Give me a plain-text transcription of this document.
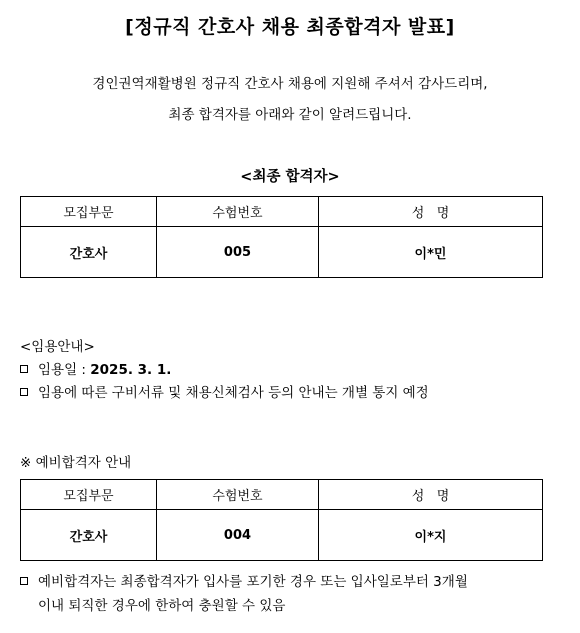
[정규직 간호사 채용 최종합격자 발표]
경인권역재활병원 정규직 간호사 채용에 지원해 주셔서 감사드리며,
최종 합격자를 아래와 같이 알려드립니다.
<최종 합격자>
모집부문	수험번호	성   명
간호사	005	이*민
<임용안내>
임용일 : 2025. 3. 1.
임용에 따른 구비서류 및 채용신체검사 등의 안내는 개별 통지 예정
※ 예비합격자 안내
모집부문	수험번호	성   명
간호사	004	이*지
예비합격자는 최종합격자가 입사를 포기한 경우 또는 입사일로부터 3개월
이내 퇴직한 경우에 한하여 충원할 수 있음
